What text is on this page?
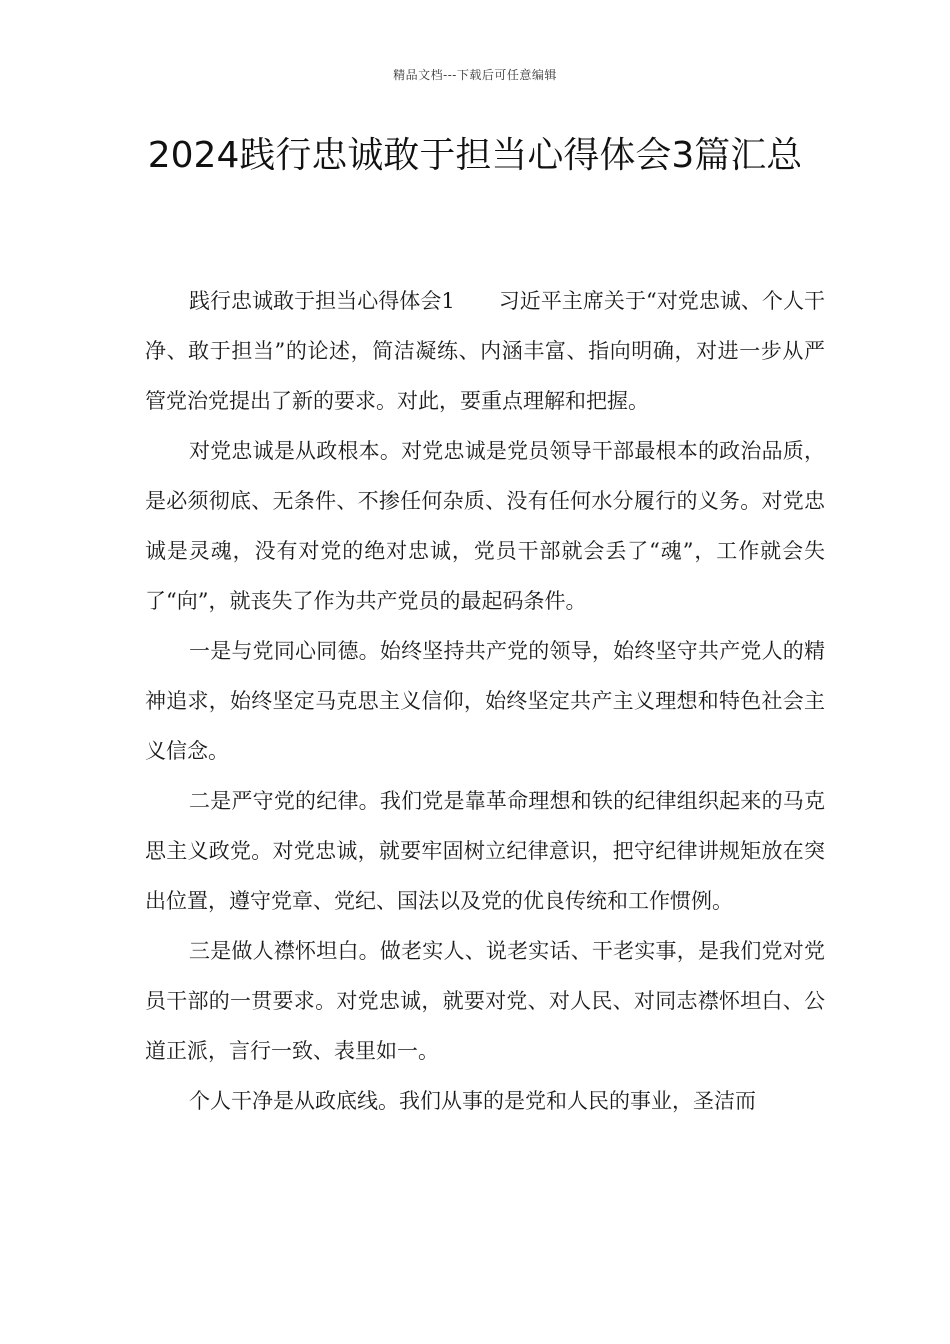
精品文档---下载后可任意编辑
2024践行忠诚敢于担当心得体会3篇汇总

践行忠诚敢于担当心得体会1 习近平主席关于“对党忠诚、个人干净、敢于担当”的论述，简洁凝练、内涵丰富、指向明确，对进一步从严管党治党提出了新的要求。对此，要重点理解和把握。

对党忠诚是从政根本。对党忠诚是党员领导干部最根本的政治品质，是必须彻底、无条件、不掺任何杂质、没有任何水分履行的义务。对党忠诚是灵魂，没有对党的绝对忠诚，党员干部就会丢了“魂”，工作就会失了“向”，就丧失了作为共产党员的最起码条件。

一是与党同心同德。始终坚持共产党的领导，始终坚守共产党人的精神追求，始终坚定马克思主义信仰，始终坚定共产主义理想和特色社会主义信念。

二是严守党的纪律。我们党是靠革命理想和铁的纪律组织起来的马克思主义政党。对党忠诚，就要牢固树立纪律意识，把守纪律讲规矩放在突出位置，遵守党章、党纪、国法以及党的优良传统和工作惯例。

三是做人襟怀坦白。做老实人、说老实话、干老实事，是我们党对党员干部的一贯要求。对党忠诚，就要对党、对人民、对同志襟怀坦白、公道正派，言行一致、表里如一。

个人干净是从政底线。我们从事的是党和人民的事业，圣洁而
